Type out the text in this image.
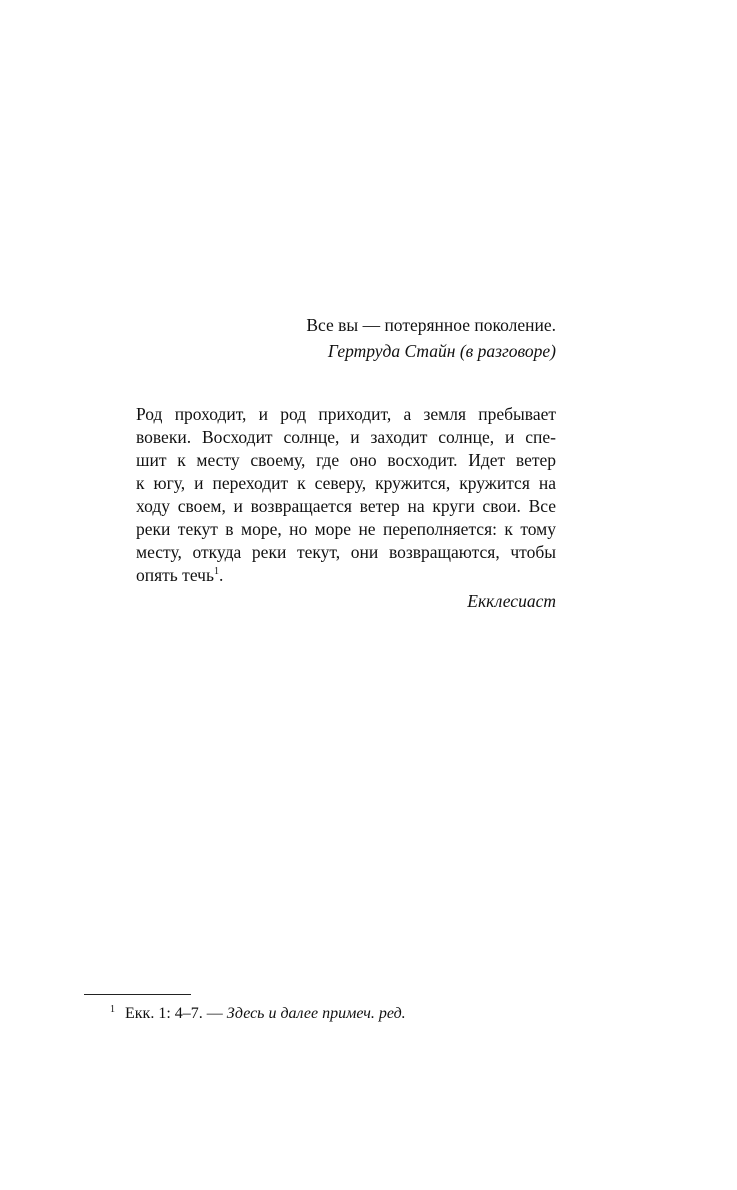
Все вы — потерянное поколение.
Гертруда Стайн (в разговоре)
Род проходит, и род приходит, а земля пребывает
вовеки. Восходит солнце, и заходит солнце, и спе-
шит к месту своему, где оно восходит. Идет ветер
к югу, и переходит к северу, кружится, кружится на
ходу своем, и возвращается ветер на круги свои. Все
реки текут в море, но море не переполняется: к тому
месту, откуда реки текут, они возвращаются, чтобы
опять течь$^1$.
Екклесиаст
$^1$ Екк. 1: 4–7. — Здесь и далее примеч. ред.
